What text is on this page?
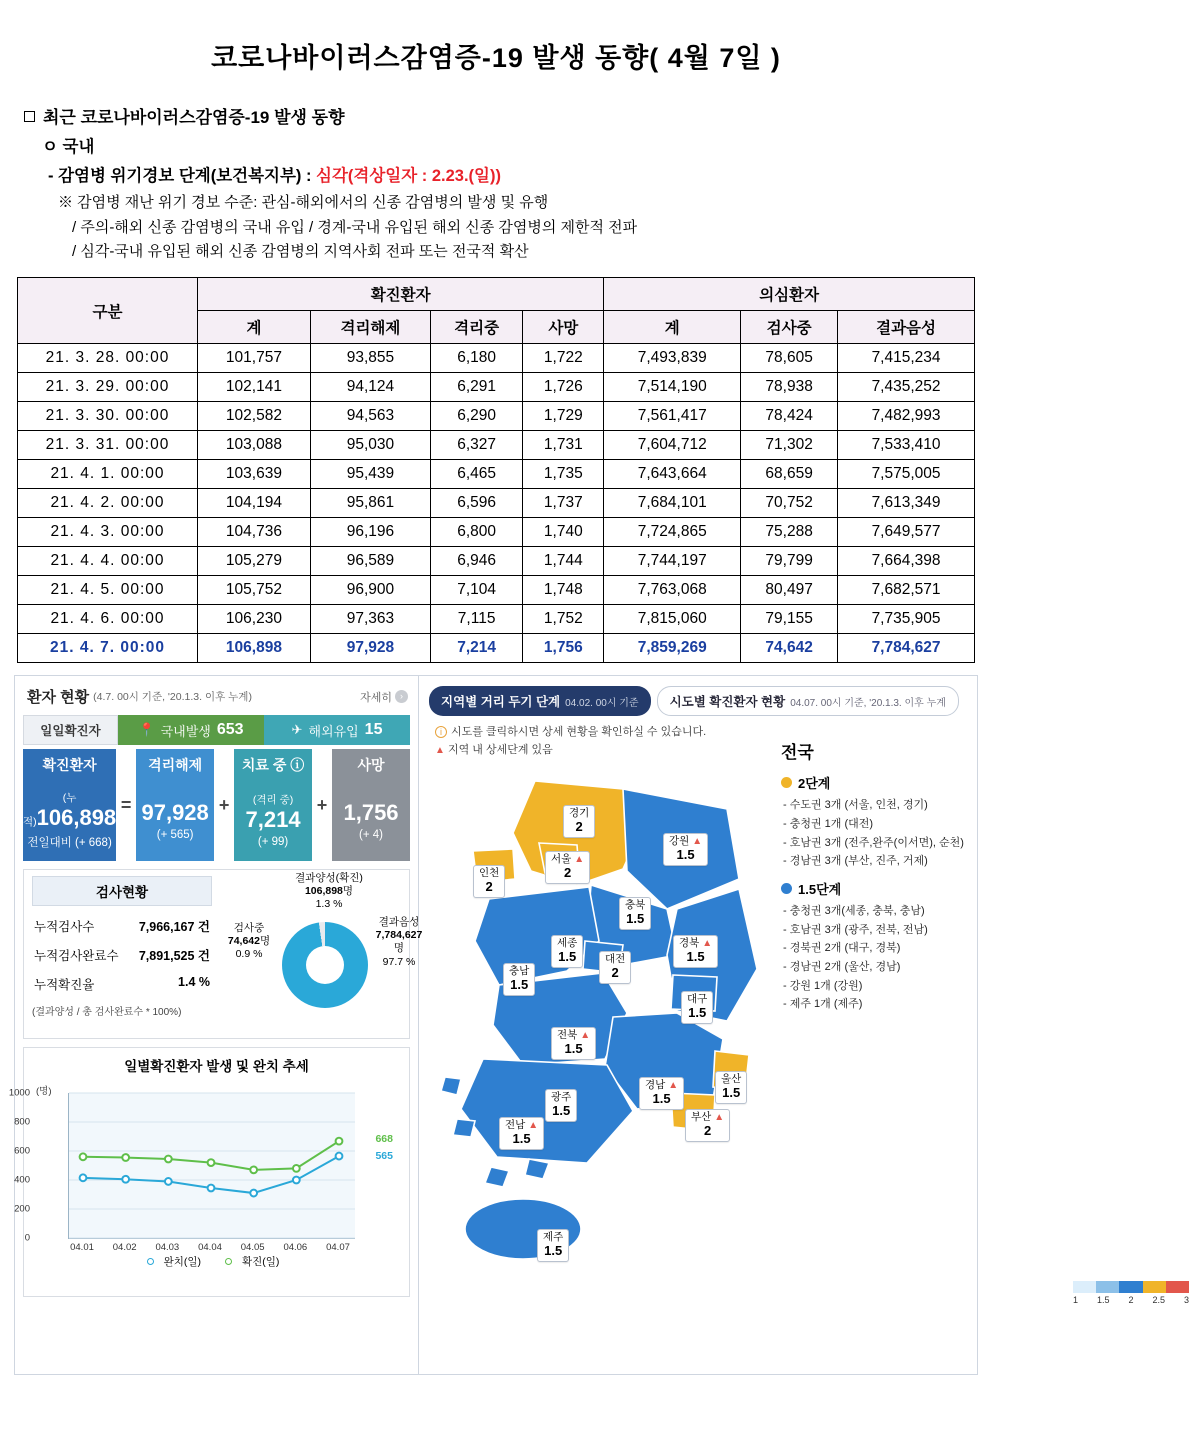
코로나바이러스감염증-19 발생 동향( 4월 7일 )
최근 코로나바이러스감염증-19 발생 동향
ㅇ 국내
- 감염병 위기경보 단계(보건복지부) : 심각(격상일자 : 2.23.(일))
※ 감염병 재난 위기 경보 수준: 관심-해외에서의 신종 감염병의 발생 및 유행
/ 주의-해외 신종 감염병의 국내 유입 / 경계-국내 유입된 해외 신종 감염병의 제한적 전파
/ 심각-국내 유입된 해외 신종 감염병의 지역사회 전파 또는 전국적 확산
구분	확진환자				의심환자		
	계	격리해제	격리중	사망	계	검사중	결과음성
21. 3. 28. 00:00	101,757	93,855	6,180	1,722	7,493,839	78,605	7,415,234
21. 3. 29. 00:00	102,141	94,124	6,291	1,726	7,514,190	78,938	7,435,252
21. 3. 30. 00:00	102,582	94,563	6,290	1,729	7,561,417	78,424	7,482,993
21. 3. 31. 00:00	103,088	95,030	6,327	1,731	7,604,712	71,302	7,533,410
21. 4. 1. 00:00	103,639	95,439	6,465	1,735	7,643,664	68,659	7,575,005
21. 4. 2. 00:00	104,194	95,861	6,596	1,737	7,684,101	70,752	7,613,349
21. 4. 3. 00:00	104,736	96,196	6,800	1,740	7,724,865	75,288	7,649,577
21. 4. 4. 00:00	105,279	96,589	6,946	1,744	7,744,197	79,799	7,664,398
21. 4. 5. 00:00	105,752	96,900	7,104	1,748	7,763,068	80,497	7,682,571
21. 4. 6. 00:00	106,230	97,363	7,115	1,752	7,815,060	79,155	7,735,905
21. 4. 7. 00:00	106,898	97,928	7,214	1,756	7,859,269	74,642	7,784,627
환자 현황 (4.7. 00시 기준, '20.1.3. 이후 누계)	자세히 ›
일일확진자	📍 국내발생 653	✈ 해외유입 15
확진환자
(누적)106,898
전일대비 (+ 668)
=
격리해제
97,928
(+ 565)
+
치료 중 ⓘ
(격리 중)
7,214
(+ 99)
+
사망
1,756
(+ 4)
검사현황
누적검사수	7,966,167 건
누적검사완료수 7,891,525 건
누적확진율	1.4 %
(결과양성 / 총 검사완료수 * 100%)
결과양성(확진)
106,898명
1.3 %
검사중
74,642명
0.9 %
결과음성
7,784,627
명
97.7 %
일별확진환자 발생 및 완치 추세
(명)
완치(일)	확진(일)
0
200
400
600
800
1000
04.01 04.02 04.03 04.04 04.05 04.06 04.07
668
565
지역별 거리 두기 단계 04.02. 00시 기준 시도별 확진환자 현황 04.07. 00시 기준, '20.1.3. 이후 누계
i 시도를 클릭하시면 상세 현황을 확인하실 수 있습니다.
▲ 지역 내 상세단계 있음
경기
2
강원 ▲
1.5
인천
2
서울 ▲
2
충북
1.5
세종
1.5	대전
2
경북 ▲
1.5
충남
1.5
대구
1.5
전북 ▲
1.5
경남 ▲
1.5
울산
1.5
광주
1.5	부산 ▲
2
전남 ▲
1.5
제주
1.5
1 1.5 2 2.5 3
전국
2단계
- 수도권 3개 (서울, 인천, 경기)
- 충청권 1개 (대전)
- 호남권 3개 (전주,완주(이서면), 순천)
- 경남권 3개 (부산, 진주, 거제)
1.5단계
- 충청권 3개(세종, 충북, 충남)
- 호남권 3개 (광주, 전북, 전남)
- 경북권 2개 (대구, 경북)
- 경남권 2개 (울산, 경남)
- 강원 1개 (강원)
- 제주 1개 (제주)
